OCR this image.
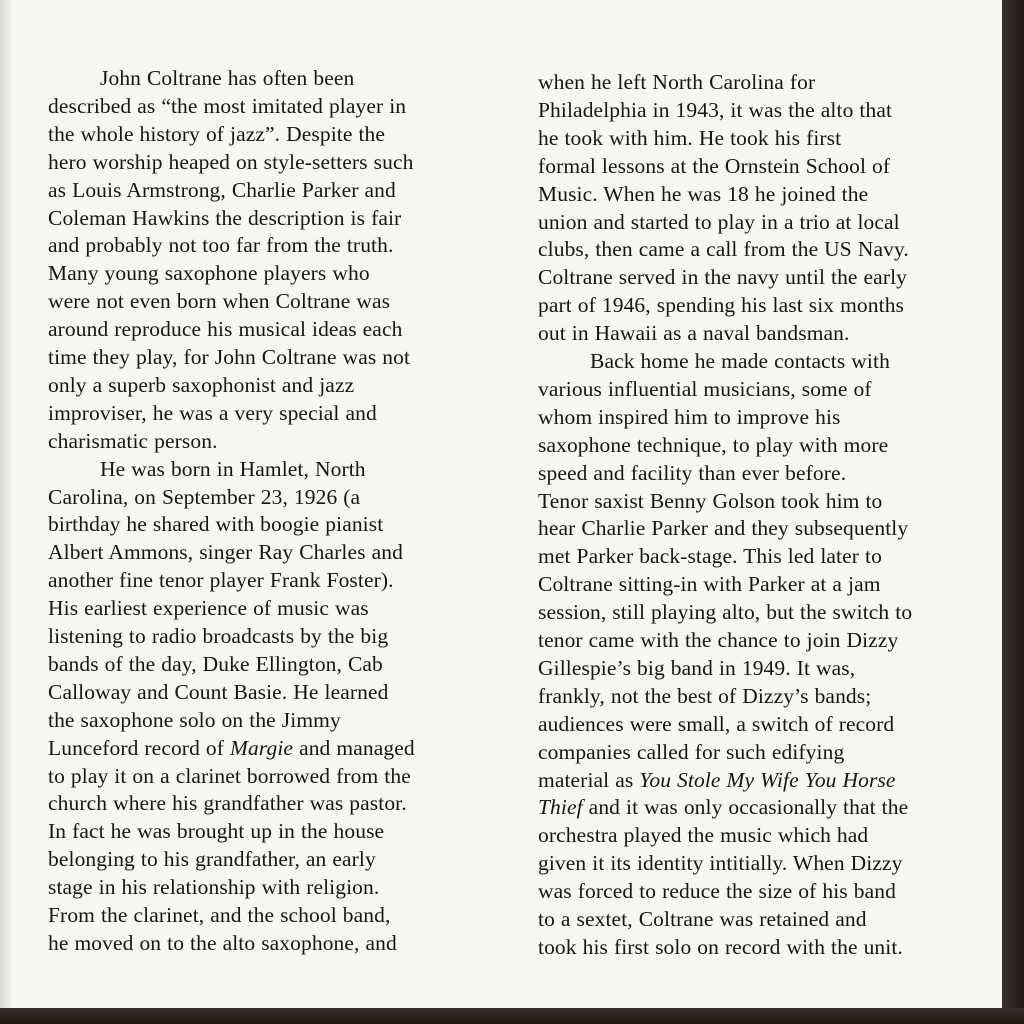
John Coltrane has often been
described as “the most imitated player in
the whole history of jazz”. Despite the
hero worship heaped on style-setters such
as Louis Armstrong, Charlie Parker and
Coleman Hawkins the description is fair
and probably not too far from the truth.
Many young saxophone players who
were not even born when Coltrane was
around reproduce his musical ideas each
time they play, for John Coltrane was not
only a superb saxophonist and jazz
improviser, he was a very special and
charismatic person.
He was born in Hamlet, North
Carolina, on September 23, 1926 (a
birthday he shared with boogie pianist
Albert Ammons, singer Ray Charles and
another fine tenor player Frank Foster).
His earliest experience of music was
listening to radio broadcasts by the big
bands of the day, Duke Ellington, Cab
Calloway and Count Basie. He learned
the saxophone solo on the Jimmy
Lunceford record of Margie and managed
to play it on a clarinet borrowed from the
church where his grandfather was pastor.
In fact he was brought up in the house
belonging to his grandfather, an early
stage in his relationship with religion.
From the clarinet, and the school band,
he moved on to the alto saxophone, and
when he left North Carolina for
Philadelphia in 1943, it was the alto that
he took with him. He took his first
formal lessons at the Ornstein School of
Music. When he was 18 he joined the
union and started to play in a trio at local
clubs, then came a call from the US Navy.
Coltrane served in the navy until the early
part of 1946, spending his last six months
out in Hawaii as a naval bandsman.
Back home he made contacts with
various influential musicians, some of
whom inspired him to improve his
saxophone technique, to play with more
speed and facility than ever before.
Tenor saxist Benny Golson took him to
hear Charlie Parker and they subsequently
met Parker back-stage. This led later to
Coltrane sitting-in with Parker at a jam
session, still playing alto, but the switch to
tenor came with the chance to join Dizzy
Gillespie’s big band in 1949. It was,
frankly, not the best of Dizzy’s bands;
audiences were small, a switch of record
companies called for such edifying
material as You Stole My Wife You Horse
Thief and it was only occasionally that the
orchestra played the music which had
given it its identity intitially. When Dizzy
was forced to reduce the size of his band
to a sextet, Coltrane was retained and
took his first solo on record with the unit.
